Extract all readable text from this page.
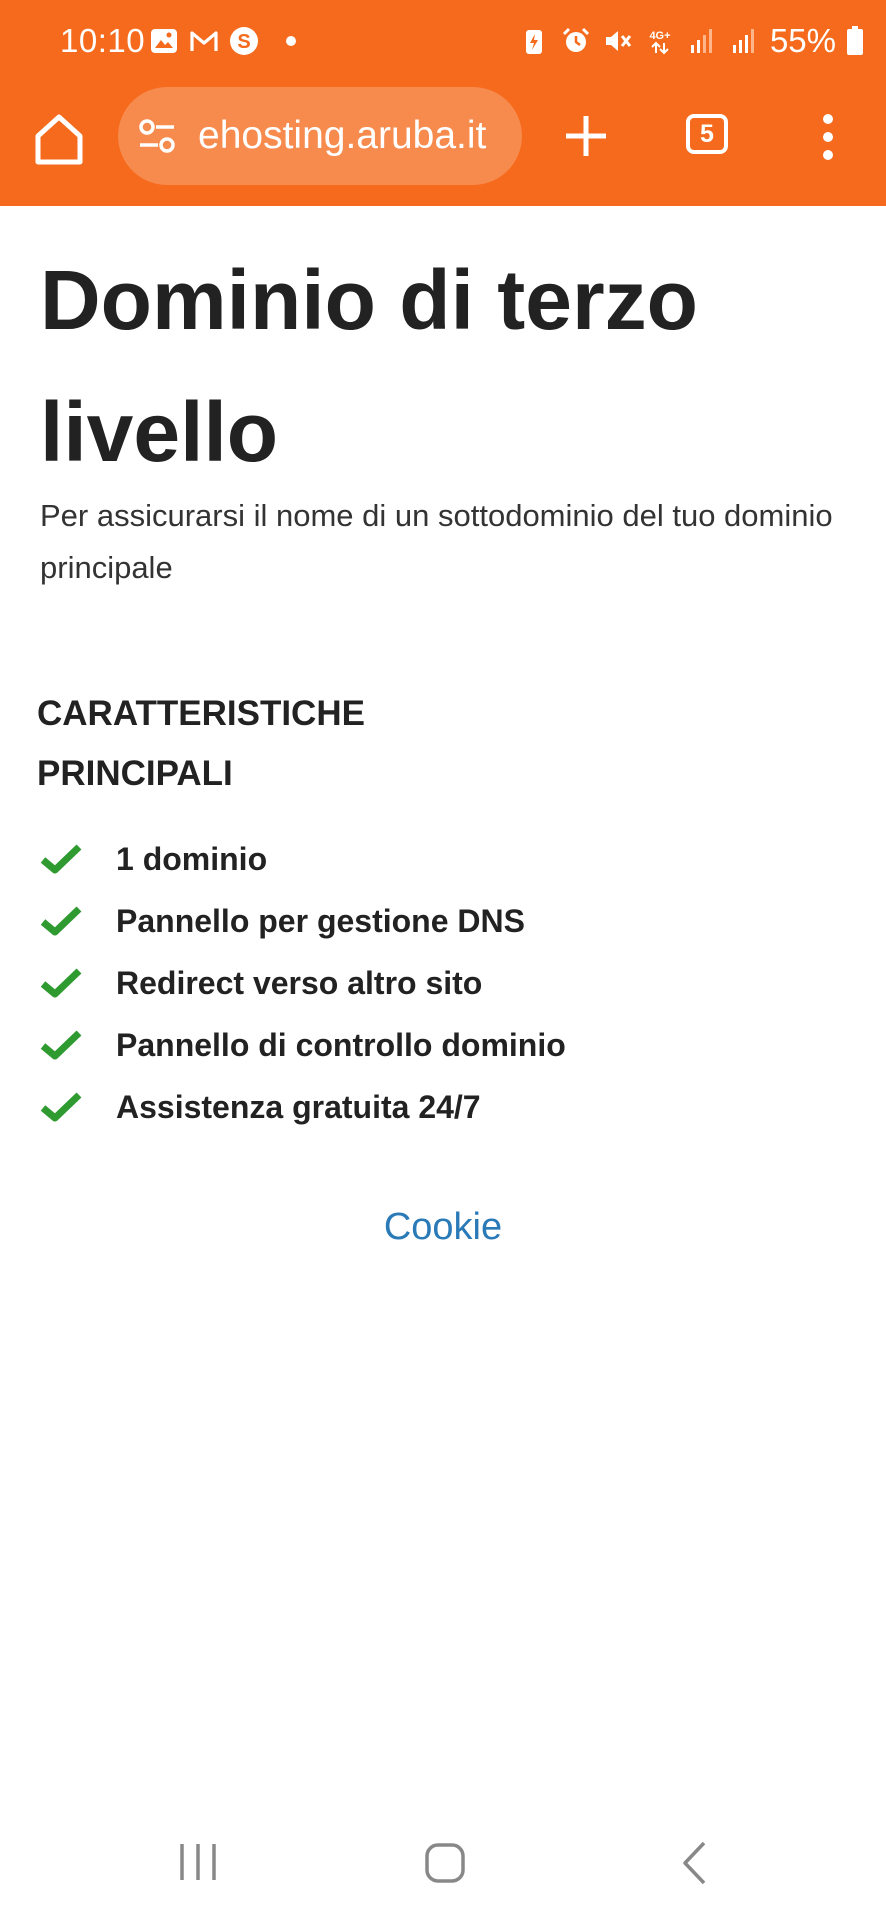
10:10	S	4G+	55%
ehosting.aruba.it	5
Dominio di terzo livello

Per assicurarsi il nome di un sottodominio del tuo dominio principale

CARATTERISTICHE PRINCIPALI
1 dominio
Pannello per gestione DNS
Redirect verso altro sito
Pannello di controllo dominio
Assistenza gratuita 24/7
Cookie
